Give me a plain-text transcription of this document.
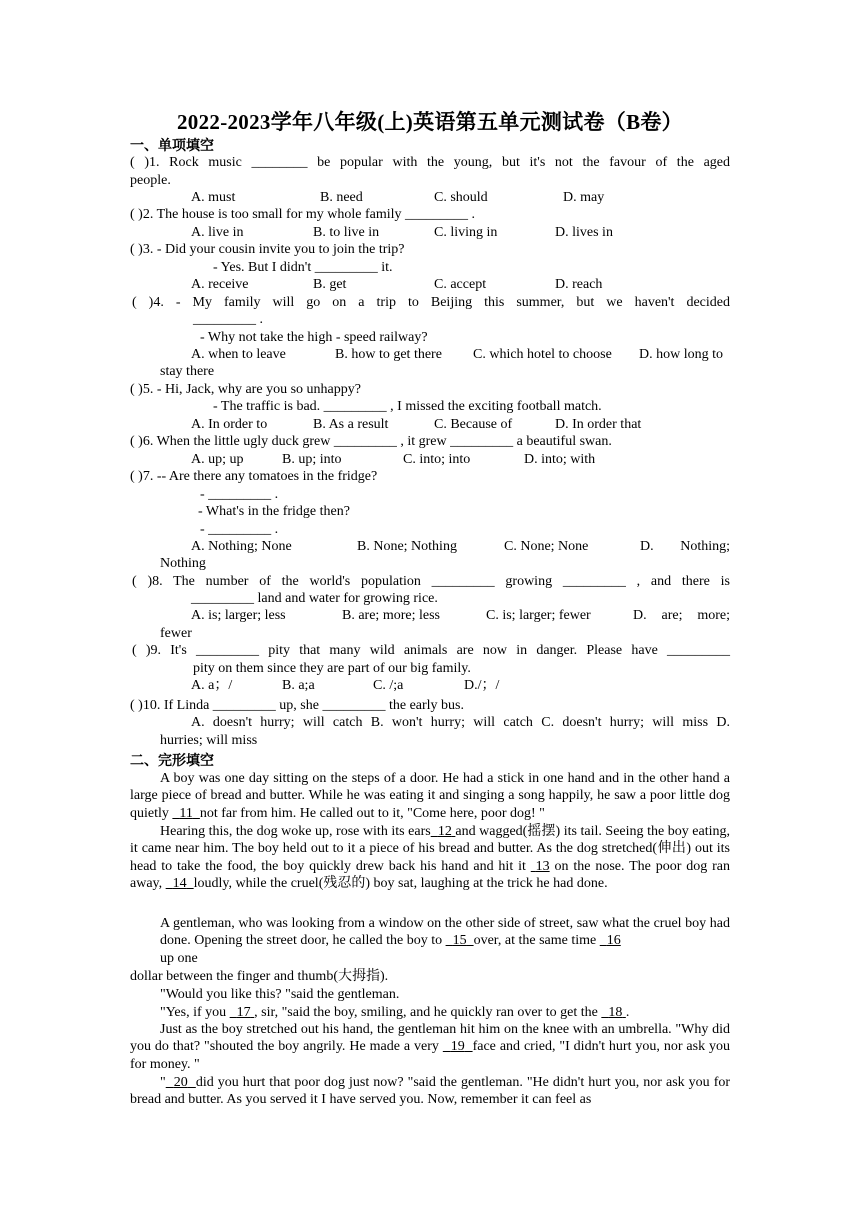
2022-2023学年八年级(上)英语第五单元测试卷（B卷）
一、单项填空
( )1. Rock music ________ be popular with the young, but it's not the favour of the aged
people.
A. must	B. need	C. should	D. may
( )2. The house is too small for my whole family _________ .
A. live in	B. to live in	C. living in	D. lives in
( )3. - Did your cousin invite you to join the trip?
- Yes. But I didn't _________ it.
A. receive	B. get	C. accept	D. reach
( )4. - My family will go on a trip to Beijing this summer, but we haven't decided
_________ .
- Why not take the high - speed railway?
A. when to leave	B. how to get there C. which hotel to choose D. how long to
stay there
( )5. - Hi, Jack, why are you so unhappy?
- The traffic is bad. _________ , I missed the exciting football match.
A. In order to	B. As a result	C. Because of	D. In order that
( )6. When the little ugly duck grew _________ , it grew _________ a beautiful swan.
A. up; up	B. up; into	C. into; into	D. into; with
( )7. -- Are there any tomatoes in the fridge?
- _________ .
- What's in the fridge then?
- _________ .
A. Nothing; None	B. None; Nothing	C. None; None	D. Nothing;
Nothing
( )8. The number of the world's population _________ growing _________ , and there is
_________ land and water for growing rice.
A. is; larger; less	B. are; more; less	C. is; larger; fewer	D. are; more;
fewer
( )9. It's _________ pity that many wild animals are now in danger. Please have _________
pity on them since they are part of our big family.
A. a；/	B. a;a	C. /;a	D./；/
( )10. If Linda _________ up, she _________ the early bus.
A. doesn't hurry; will catch B. won't hurry; will catch C. doesn't hurry; will miss D.
hurries; will miss
二、完形填空
A boy was one day sitting on the steps of a door. He had a stick in one hand and in the other hand a large piece of bread and butter. While he was eating it and singing a song happily, he saw a poor little dog quietly 11 not far from him. He called out to it, "Come here, poor dog! "
Hearing this, the dog woke up, rose with its ears 12 and wagged(摇摆) its tail. Seeing the boy eating, it came near him. The boy held out to it a piece of his bread and butter. As the dog stretched(伸出) out its head to take the food, the boy quickly drew back his hand and hit it 13 on the nose. The poor dog ran away, 14 loudly, while the cruel(残忍的) boy sat, laughing at the trick he had done.
A gentleman, who was looking from a window on the other side of street, saw what the cruel boy had done. Opening the street door, he called the boy to 15 over, at the same time 16
up one
dollar between the finger and thumb(大拇指).
"Would you like this? "said the gentleman.
"Yes, if you 17 , sir, "said the boy, smiling, and he quickly ran over to get the 18 .
Just as the boy stretched out his hand, the gentleman hit him on the knee with an umbrella. "Why did you do that? "shouted the boy angrily. He made a very 19 face and cried, "I didn't hurt you, nor ask you for money. "
" 20 did you hurt that poor dog just now? "said the gentleman. "He didn't hurt you, nor ask you for bread and butter. As you served it I have served you. Now, remember it can feel as
